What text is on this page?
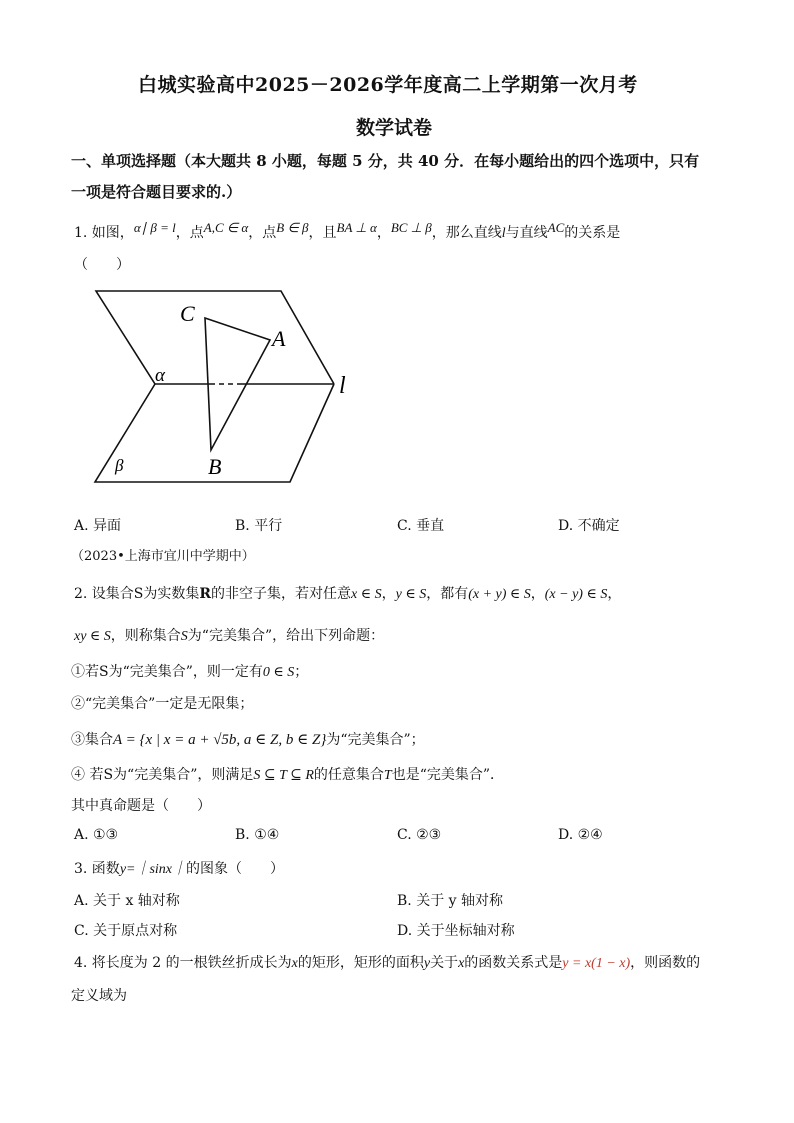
白城实验高中2025－2026学年度高二上学期第一次月考
数学试卷
一、单项选择题（本大题共 8 小题，每题 5 分，共 40 分．在每小题给出的四个选项中，只有
一项是符合题目要求的.）
1. 如图，α∣ β = l，点A,C ∈ α，点B ∈ β，且BA ⊥ α，BC ⊥ β，那么直线l与直线AC的关系是
（　　）
C
A
B
α
β
l
A. 异面	B. 平行	C. 垂直	D. 不确定
（2023•上海市宜川中学期中）
2. 设集合S为实数集R的非空子集，若对任意x ∈ S，y ∈ S，都有(x + y) ∈ S，(x − y) ∈ S，
xy ∈ S，则称集合S为“完美集合”，给出下列命题：
①若S为“完美集合”，则一定有0 ∈ S；
②“完美集合”一定是无限集；
③集合A = {x | x = a + √5b, a ∈ Z, b ∈ Z}为“完美集合”；
④ 若S为“完美集合”，则满足S ⊆ T ⊆ R的任意集合T也是“完美集合”．
其中真命题是（　　）
A. ①③	B. ①④	C. ②③	D. ②④
3. 函数y=｜sinx｜的图象（　　）
A. 关于 x 轴对称	B. 关于 y 轴对称
C. 关于原点对称	D. 关于坐标轴对称
4. 将长度为 2 的一根铁丝折成长为x的矩形，矩形的面积y关于x的函数关系式是y = x(1 − x)，则函数的
定义域为
